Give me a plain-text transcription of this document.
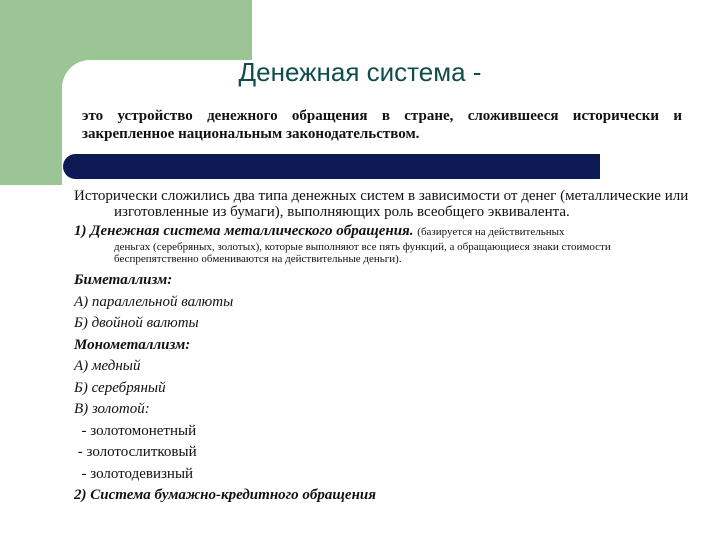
Денежная система -
это устройство денежного обращения в стране, сложившееся исторически и закрепленное национальным законодательством.

Исторически сложились два типа денежных систем в зависимости от денег (металлические или изготовленные из бумаги), выполняющих роль всеобщего эквивалента.

1) Денежная система металлического обращения. (базируется на действительных

деньгах (серебряных, золотых), которые выполняют все пять функций, а обращающиеся знаки стоимости беспрепятственно обмениваются на действительные деньги).

Биметаллизм:
А) параллельной валюты
Б) двойной валюты
Монометаллизм:
А) медный
Б) серебряный
В) золотой:
- золотомонетный
- золотослитковый
- золотодевизный
2) Система бумажно-кредитного обращения
